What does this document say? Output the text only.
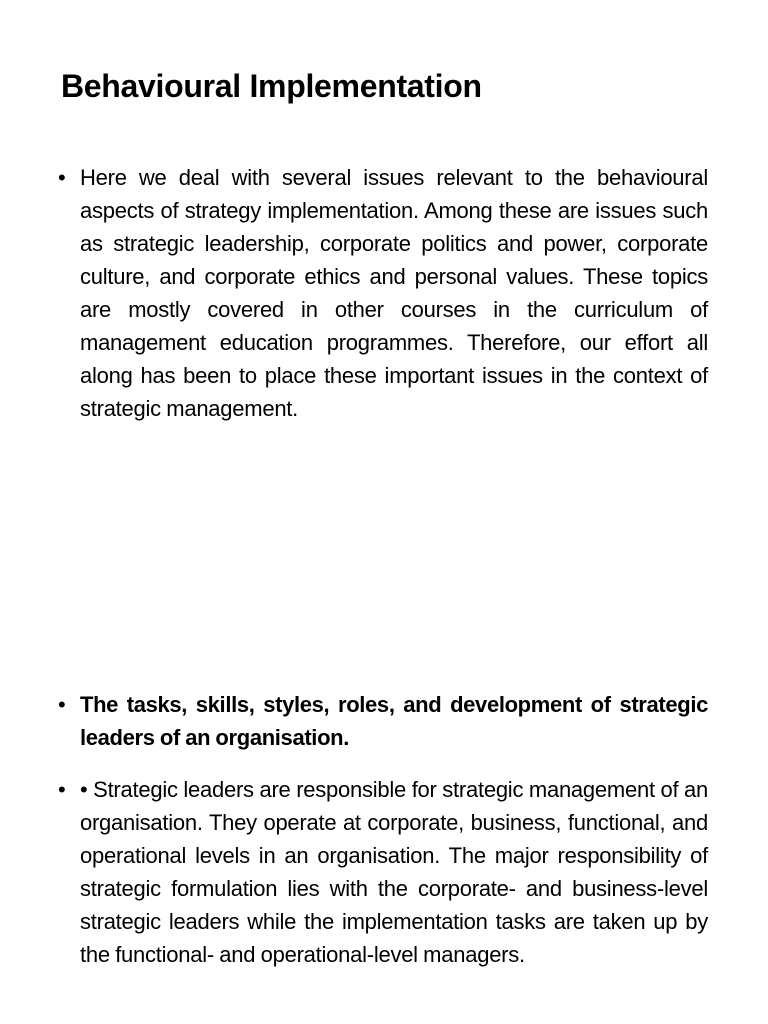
Behavioural Implementation
• Here we deal with several issues relevant to the behavioural aspects of strategy implementation. Among these are issues such as strategic leadership, corporate politics and power, corporate culture, and corporate ethics and personal values. These topics are mostly covered in other courses in the curriculum of management education programmes. Therefore, our effort all along has been to place these important issues in the context of strategic management.
• The tasks, skills, styles, roles, and development of strategic leaders of an organisation.
• • Strategic leaders are responsible for strategic management of an organisation. They operate at corporate, business, functional, and operational levels in an organisation. The major responsibility of strategic formulation lies with the corporate- and business-level strategic leaders while the implementation tasks are taken up by the functional- and operational-level managers.
